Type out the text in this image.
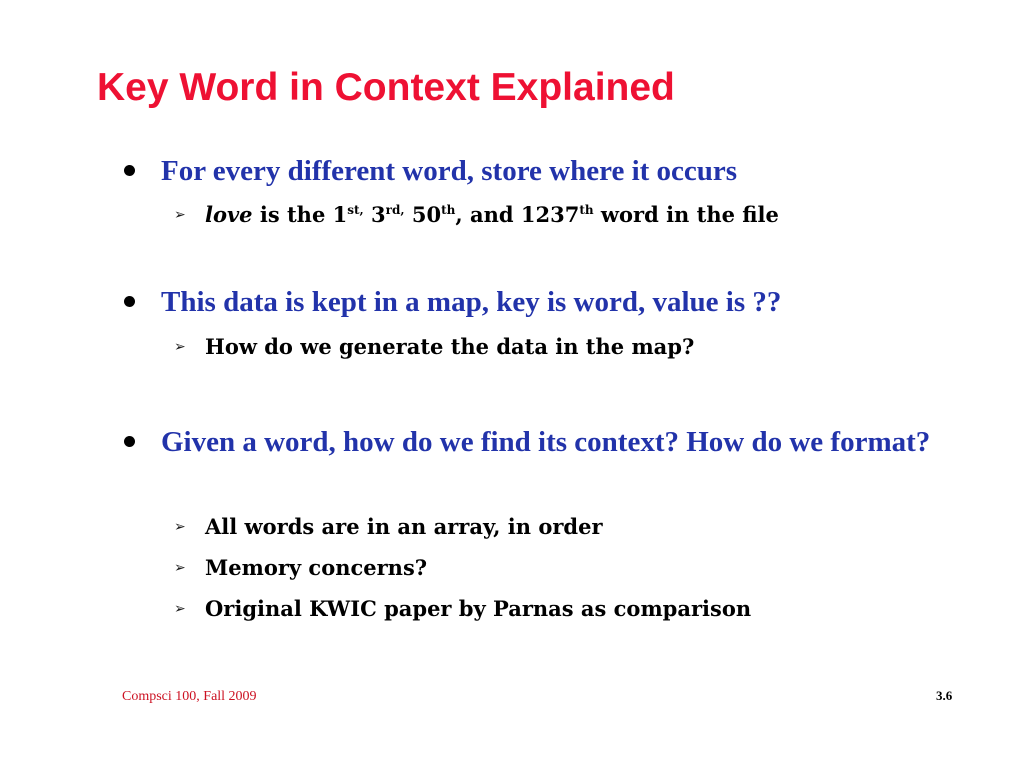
Key Word in Context Explained
For every different word, store where it occurs
➢ love is the $1^{st,}$ $3^{rd,}$ 50th, and 1237th word in the file
This data is kept in a map, key is word, value is ??
➢ How do we generate the data in the map?
Given a word, how do we find its context? How do we format?
➢ All words are in an array, in order
➢ Memory concerns?
➢ Original KWIC paper by Parnas as comparison
Compsci 100, Fall 2009	3.6
